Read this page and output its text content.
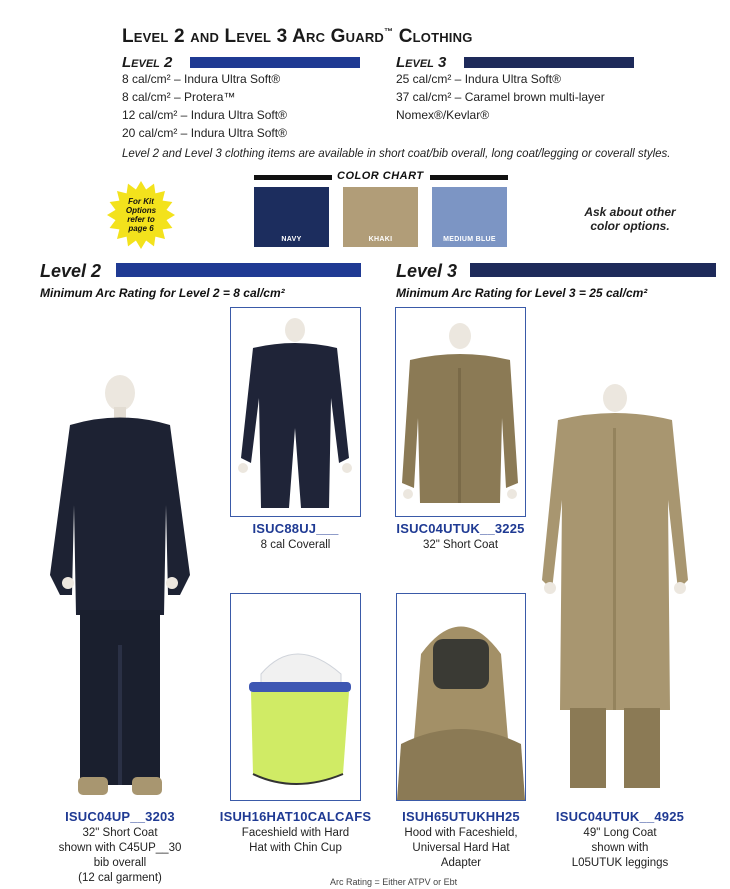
Level 2 and Level 3 Arc Guard™ Clothing
Level 2
8 cal/cm² – Indura Ultra Soft®
8 cal/cm² – Protera™
12 cal/cm² – Indura Ultra Soft®
20 cal/cm² – Indura Ultra Soft®
Level 3
25 cal/cm² – Indura Ultra Soft®
37 cal/cm² – Caramel brown multi-layer
Nomex®/Kevlar®
Level 2 and Level 3 clothing items are available in short coat/bib overall, long coat/legging or coverall styles.
COLOR CHART
NAVY	KHAKI	MEDIUM BLUE
For Kit
Options
refer to
page 6
Ask about other
color options.
Level 2
Minimum Arc Rating for Level 2 = 8 cal/cm²
Level 3
Minimum Arc Rating for Level 3 = 25 cal/cm²
ISUC04UP__3203
32" Short Coat
shown with C45UP__30
bib overall
(12 cal garment)
ISUC88UJ___
8 cal Coverall
ISUH16HAT10CALCAFS
Faceshield with Hard
Hat with Chin Cup
ISUC04UTUK__3225
32" Short Coat
ISUH65UTUKHH25
Hood with Faceshield,
Universal Hard Hat
Adapter
ISUC04UTUK__4925
49" Long Coat
shown with
L05UTUK leggings
Arc Rating = Either ATPV or Ebt
